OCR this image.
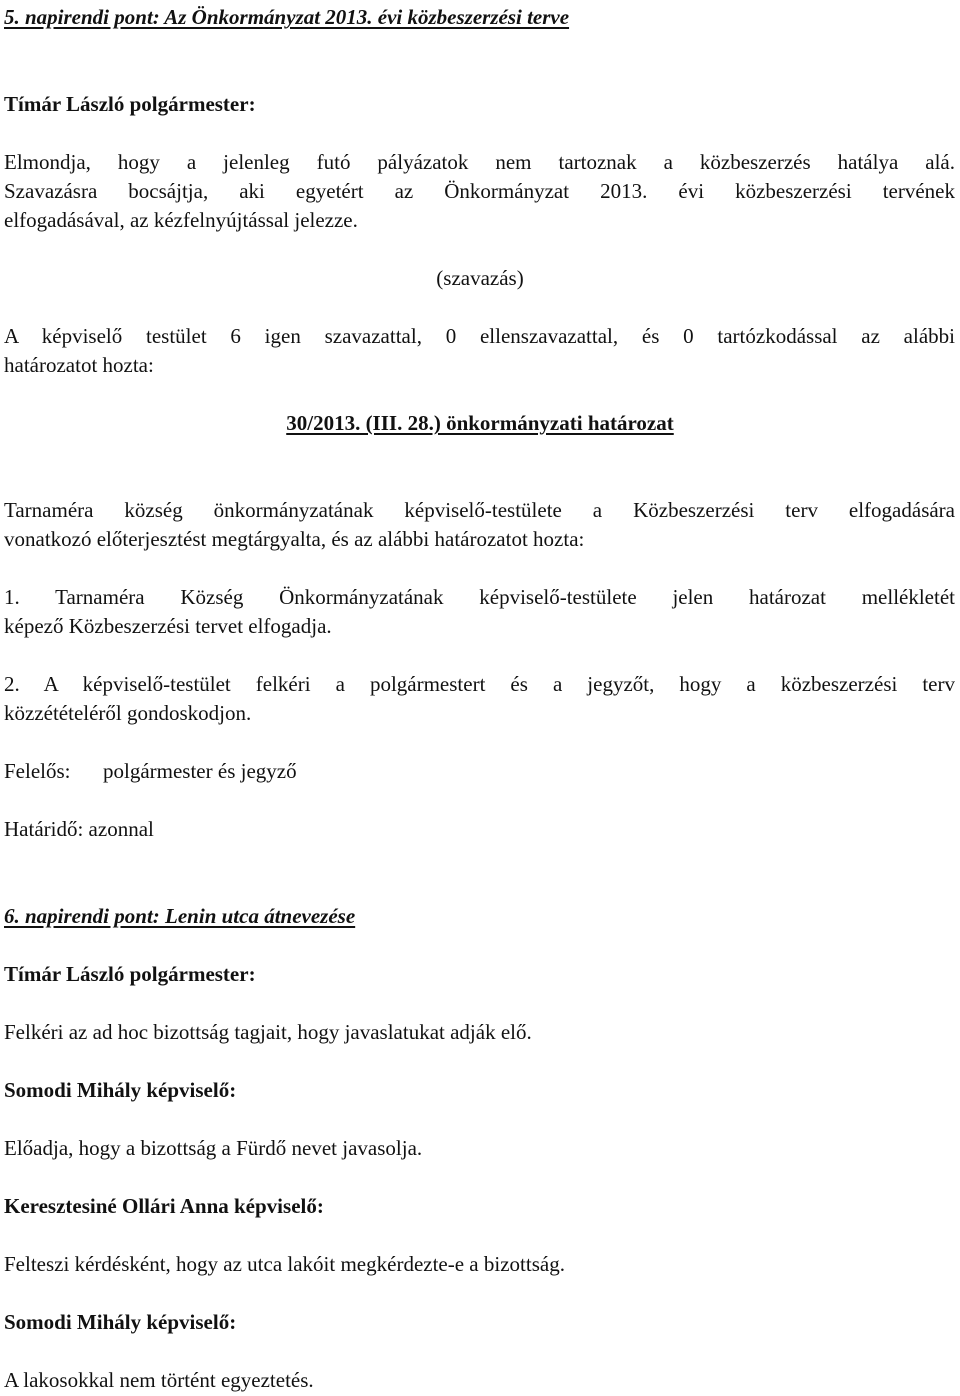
5. napirendi pont: Az Önkormányzat 2013. évi közbeszerzési terve
Tímár László polgármester:
Elmondja, hogy a jelenleg futó pályázatok nem tartoznak a közbeszerzés hatálya alá.
Szavazásra bocsájtja, aki egyetért az Önkormányzat 2013. évi közbeszerzési tervének
elfogadásával, az kézfelnyújtással jelezze.
(szavazás)
A képviselő testület 6 igen szavazattal, 0 ellenszavazattal, és 0 tartózkodással az alábbi
határozatot hozta:
30/2013. (III. 28.) önkormányzati határozat
Tarnaméra község önkormányzatának képviselő-testülete a Közbeszerzési terv elfogadására
vonatkozó előterjesztést megtárgyalta, és az alábbi határozatot hozta:
1. Tarnaméra Község Önkormányzatának képviselő-testülete jelen határozat mellékletét
képező Közbeszerzési tervet elfogadja.
2. A képviselő-testület felkéri a polgármestert és a jegyzőt, hogy a közbeszerzési terv
közzétételéről gondoskodjon.
Felelős: polgármester és jegyző
Határidő: azonnal
6. napirendi pont: Lenin utca átnevezése
Tímár László polgármester:
Felkéri az ad hoc bizottság tagjait, hogy javaslatukat adják elő.
Somodi Mihály képviselő:
Előadja, hogy a bizottság a Fürdő nevet javasolja.
Keresztesiné Ollári Anna képviselő:
Felteszi kérdésként, hogy az utca lakóit megkérdezte-e a bizottság.
Somodi Mihály képviselő:
A lakosokkal nem történt egyeztetés.
